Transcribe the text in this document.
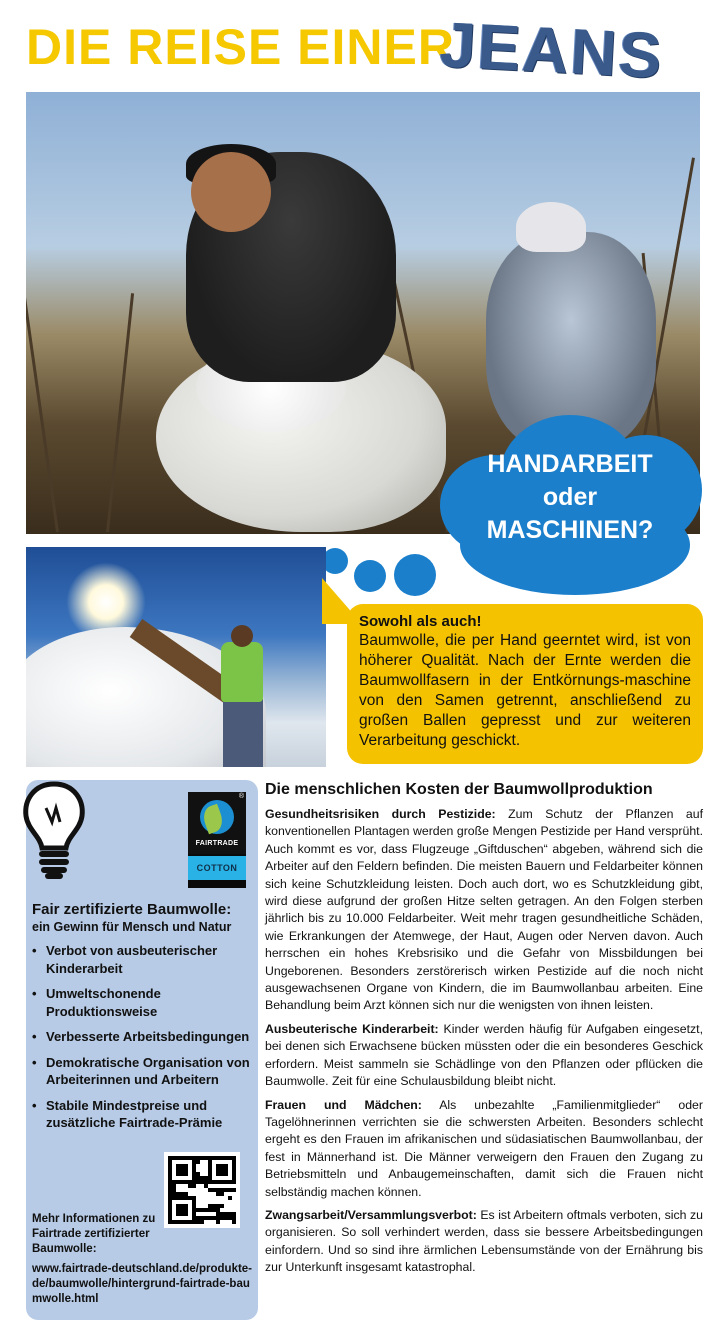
DIE REISE EINER
JEANS
HANDARBEIT
oder
MASCHINEN?
Sowohl als auch!
Baumwolle, die per Hand geerntet wird, ist von höherer Qualität. Nach der Ernte werden die Baumwollfasern in der Entkörnungs-maschine von den Samen getrennt, anschließend zu großen Ballen gepresst und zur weiteren Verarbeitung geschickt.
®
FAIRTRADE
COTTON
Fair zertifizierte Baumwolle:
ein Gewinn für Mensch und Natur
• Verbot von ausbeuterischer Kinderarbeit
• Umweltschonende Produktionsweise
• Verbesserte Arbeitsbedingungen
• Demokratische Organisation von Arbeiterinnen und Arbeitern
• Stabile Mindestpreise und zusätzliche Fairtrade-Prämie
Mehr Informationen zu Fairtrade zertifizierter Baumwolle:
www.fairtrade-deutschland.de/produkte-de/baumwolle/hintergrund-fairtrade-baumwolle.html
Die menschlichen Kosten der Baumwollproduktion

Gesundheitsrisiken durch Pestizide: Zum Schutz der Pflanzen auf konventionellen Plantagen werden große Mengen Pestizide per Hand versprüht. Auch kommt es vor, dass Flugzeuge „Giftduschen“ abgeben, während sich die Arbeiter auf den Feldern befinden. Die meisten Bauern und Feldarbeiter können sich keine Schutzkleidung leisten. Doch auch dort, wo es Schutzkleidung gibt, wird diese aufgrund der großen Hitze selten getragen. An den Folgen sterben jährlich bis zu 10.000 Feldarbeiter. Weit mehr tragen gesundheitliche Schäden, wie Erkrankungen der Atemwege, der Haut, Augen oder Nerven davon. Auch herrschen ein hohes Krebsrisiko und die Gefahr von Missbildungen bei Ungeborenen. Besonders zerstörerisch wirken Pestizide auf die noch nicht ausgewachsenen Organe von Kindern, die im Baumwollanbau arbeiten. Eine Behandlung beim Arzt können sich nur die wenigsten von ihnen leisten.

Ausbeuterische Kinderarbeit: Kinder werden häufig für Aufgaben eingesetzt, bei denen sich Erwachsene bücken müssten oder die ein besonderes Geschick erfordern. Meist sammeln sie Schädlinge von den Pflanzen oder pflücken die Baumwolle. Zeit für eine Schulausbildung bleibt nicht.

Frauen und Mädchen: Als unbezahlte „Familienmitglieder“ oder Tagelöhnerinnen verrichten sie die schwersten Arbeiten. Besonders schlecht ergeht es den Frauen im afrikanischen und südasiatischen Baumwollanbau, der fest in Männerhand ist. Die Männer verweigern den Frauen den Zugang zu Betriebsmitteln und Anbaugemeinschaften, damit sich die Frauen nicht selbständig machen können.

Zwangsarbeit/Versammlungsverbot: Es ist Arbeitern oftmals verboten, sich zu organisieren. So soll verhindert werden, dass sie bessere Arbeitsbedingungen einfordern. Und so sind ihre ärmlichen Lebensumstände von der Ernährung bis zur Unterkunft insgesamt katastrophal.
